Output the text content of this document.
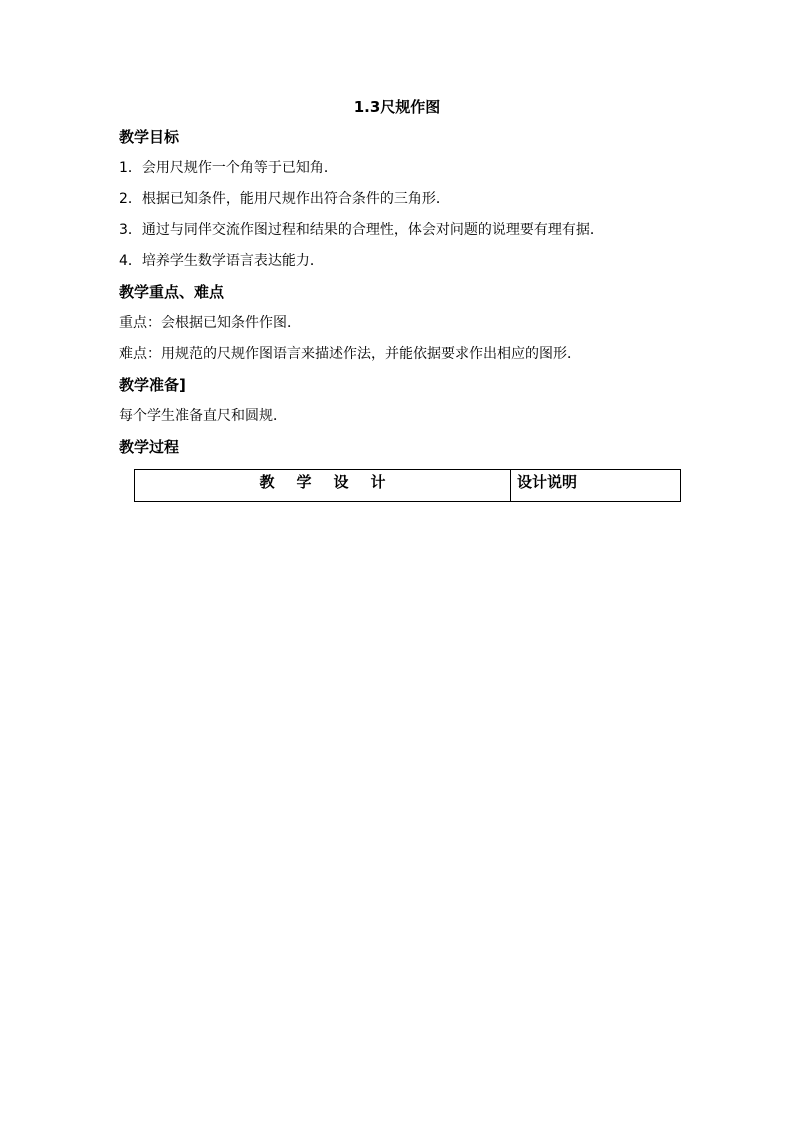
1.3尺规作图
教学目标
1．会用尺规作一个角等于已知角．
2．根据已知条件，能用尺规作出符合条件的三角形．
3．通过与同伴交流作图过程和结果的合理性，体会对问题的说理要有理有据．
4．培养学生数学语言表达能力．
教学重点、难点
重点：会根据已知条件作图．
难点：用规范的尺规作图语言来描述作法，并能依据要求作出相应的图形．
教学准备]
每个学生准备直尺和圆规．
教学过程
教学设计	设计说明
